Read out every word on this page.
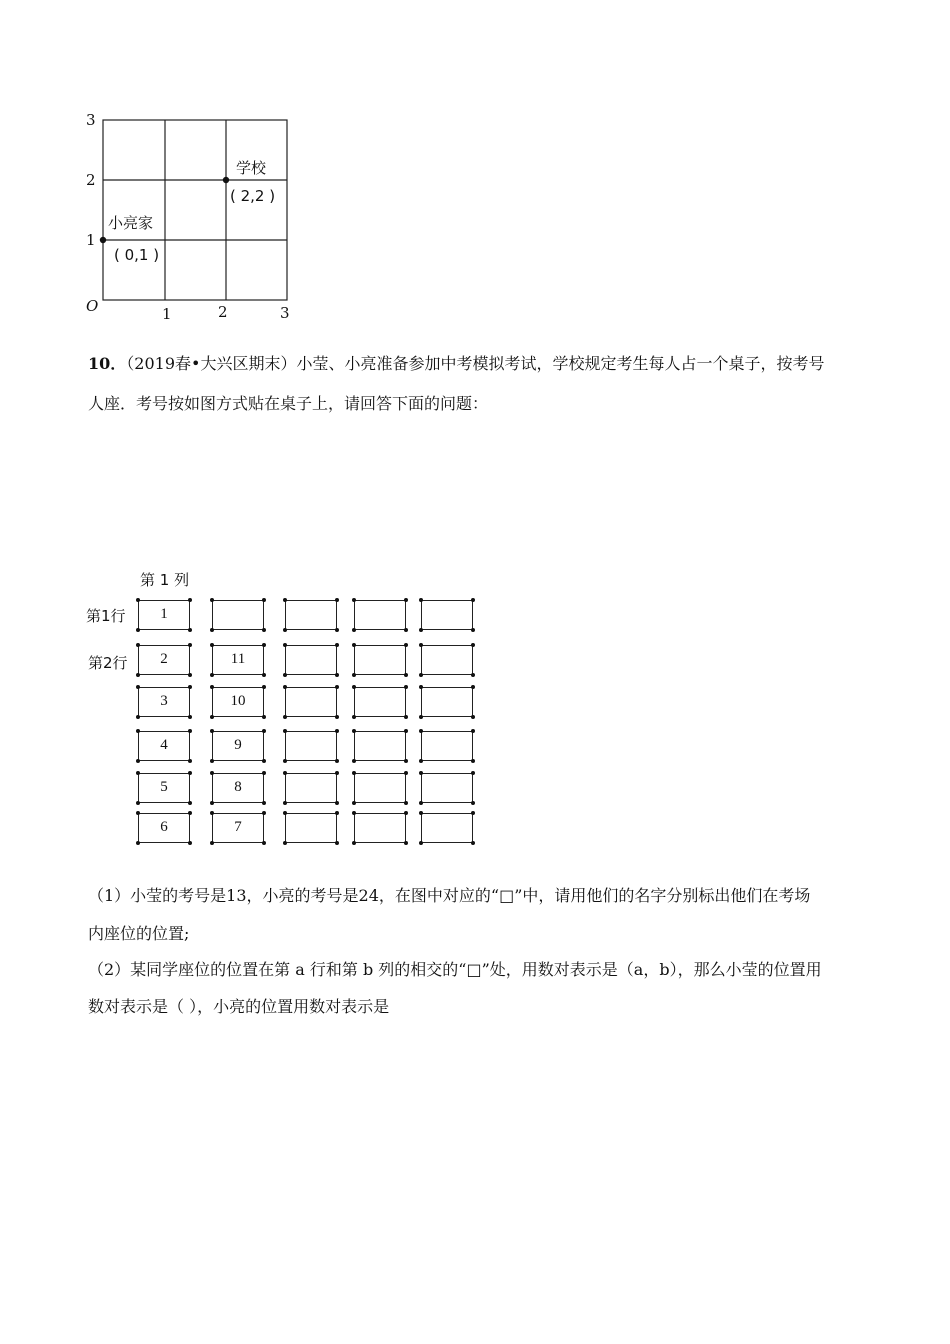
3
2
1
O	1	2	3
学校
( 2,2 )
小亮家
( 0,1 )
10．（2019春•大兴区期末）小莹、小亮准备参加中考模拟考试，学校规定考生每人占一个桌子，按考号
人座．考号按如图方式贴在桌子上，请回答下面的问题：
第 1 列
第1行
第2行
1
2
3
4
5
6
11
10
9
8
7
（1）小莹的考号是13，小亮的考号是24，在图中对应的“□”中，请用他们的名字分别标出他们在考场
内座位的位置;
（2）某同学座位的位置在第 a 行和第 b 列的相交的“□”处，用数对表示是（a，b），那么小莹的位置用
数对表示是（ ），小亮的位置用数对表示是
